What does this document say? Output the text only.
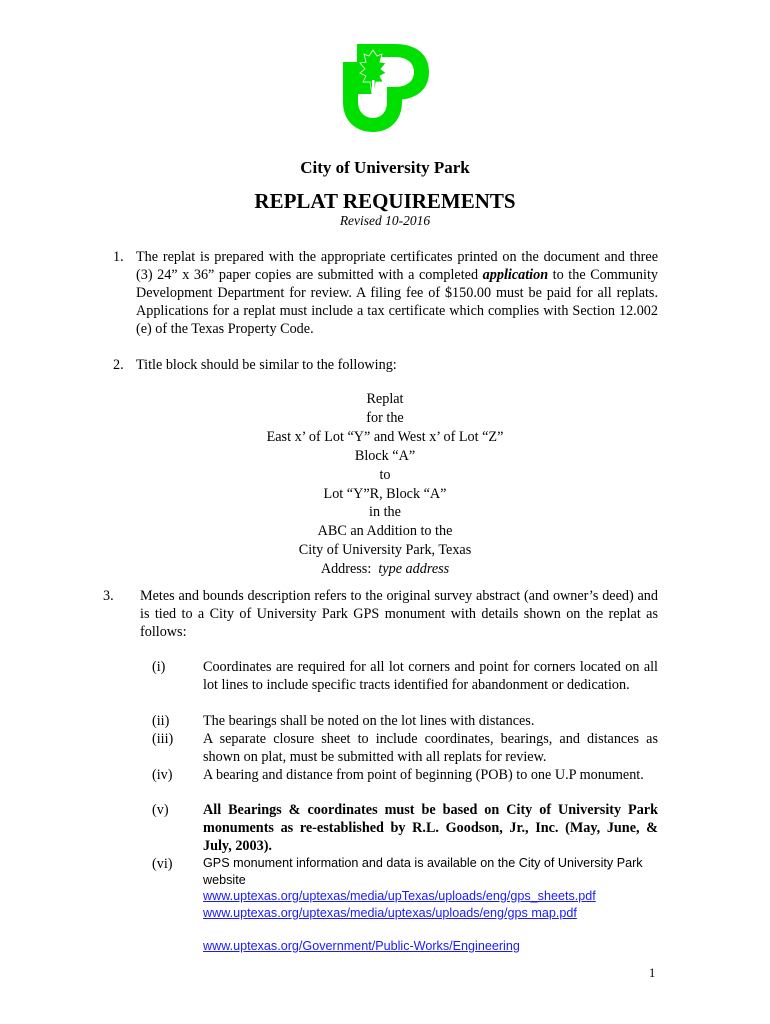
City of University Park
REPLAT REQUIREMENTS
Revised 10-2016
1. The replat is prepared with the appropriate certificates printed on the document and three (3) 24” x 36” paper copies are submitted with a completed application to the Community Development Department for review. A filing fee of $150.00 must be paid for all replats. Applications for a replat must include a tax certificate which complies with Section 12.002 (e) of the Texas Property Code.
2. Title block should be similar to the following:
Replat
for the
East x’ of Lot “Y” and West x’ of Lot “Z”
Block “A”
to
Lot “Y”R, Block “A”
in the
ABC an Addition to the
City of University Park, Texas
Address: type address
3. Metes and bounds description refers to the original survey abstract (and owner’s deed) and is tied to a City of University Park GPS monument with details shown on the replat as follows:
(i)	Coordinates are required for all lot corners and point for corners located on all lot lines to include specific tracts identified for abandonment or dedication.
(ii) The bearings shall be noted on the lot lines with distances.
(iii) A separate closure sheet to include coordinates, bearings, and distances as shown on plat, must be submitted with all replats for review.
(iv) A bearing and distance from point of beginning (POB) to one U.P monument.
(v) All Bearings & coordinates must be based on City of University Park monuments as re-established by R.L. Goodson, Jr., Inc. (May, June, & July, 2003).
(vi) GPS monument information and data is available on the City of University Park website
www.uptexas.org/uptexas/media/upTexas/uploads/eng/gps_sheets.pdf
www.uptexas.org/uptexas/media/uptexas/uploads/eng/gps map.pdf
www.uptexas.org/Government/Public-Works/Engineering
1
